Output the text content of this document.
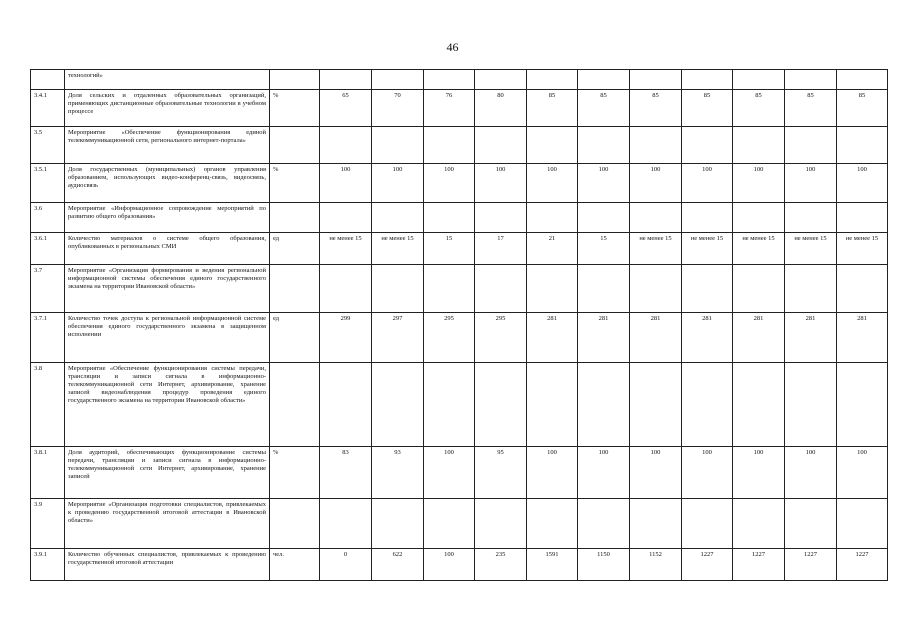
46
	технологий»												
3.4.1	Доля сельских и отдаленных образовательных организаций, применяющих дистанционные образовательные технологии в учебном процессе	%	65	70	76	80	85	85	85	85	85	85	85
3.5	Мероприятие «Обеспечение функционирования единой телекоммуникационной сети, регионального интернет-портала»												
3.5.1	Доля государственных (муниципальных) органов управления образованием, использующих видео-конференц-связь, видеосвязь, аудиосвязь	%	100	100	100	100	100	100	100	100	100	100	100
3.6	Мероприятие «Информационное сопровождение мероприятий по развитию общего образования»												
3.6.1	Количество материалов о системе общего образования, опубликованных в региональных СМИ	ед	не менее 15	не менее 15	15	17	21	15	не менее 15	не менее 15	не менее 15	не менее 15	не менее 15
3.7	Мероприятие «Организация формирования и ведения региональной информационной системы обеспечения единого государственного экзамена на территории Ивановской области»												
3.7.1	Количество точек доступа к региональной информационной системе обеспечения единого государственного экзамена в защищенном исполнении	ед	299	297	295	295	281	281	281	281	281	281	281
3.8	Мероприятие «Обеспечение функционирования системы передачи, трансляции и записи сигнала в информационно-телекоммуникационной сети Интернет, архивирование, хранение записей видеонаблюдения процедур проведения единого государственного экзамена на территории Ивановской области»												
3.8.1	Доля аудиторий, обеспечивающих функционирование системы передачи, трансляции и записи сигнала в информационно-телекоммуникационной сети Интернет, архивирование, хранение записей	%	83	93	100	95	100	100	100	100	100	100	100
3.9	Мероприятие «Организация подготовки специалистов, привлекаемых к проведению государственной итоговой аттестации в Ивановской области»												
3.9.1	Количество обученных специалистов, привлекаемых к проведению государственной итоговой аттестации	чел.	0	622	100	235	1591	1150	1152	1227	1227	1227	1227
